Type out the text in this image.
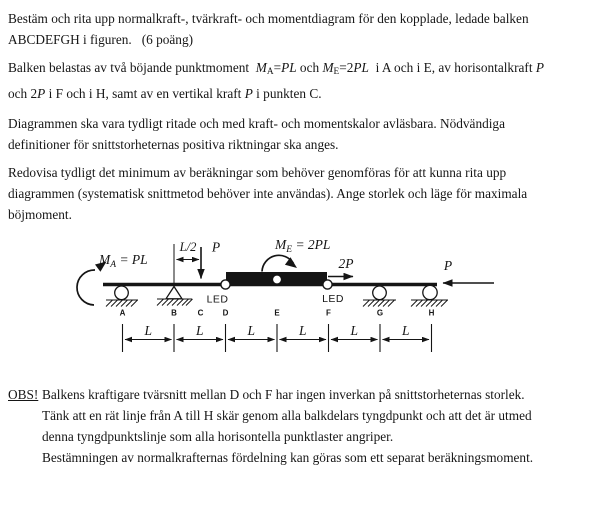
Bestäm och rita upp normalkraft-, tvärkraft- och momentdiagram för den kopplade, ledade balken
ABCDEFGH i figuren.   (6 poäng)
Balken belastas av två böjande punktmoment  MA=PL och ME=2PL  i A och i E, av horisontalkraft P
och 2P i F och i H, samt av en vertikal kraft P i punkten C.
Diagrammen ska vara tydligt ritade och med kraft- och momentskalor avläsbara. Nödvändiga
definitioner för snittstorheternas positiva riktningar ska anges.
Redovisa tydligt det minimum av beräkningar som behöver genomföras för att kunna rita upp
diagrammen (systematisk snittmetod behöver inte användas). Ange storlek och läge för maximala
böjmoment.
$M_A$ = PL
L/2 P	$M_E = 2PL$
2P	P
LED	LED
A	B	C D	E	F	G	H
L	L	L	L	L	L
OBS! Balkens kraftigare tvärsnitt mellan D och F har ingen inverkan på snittstorheternas storlek.
Tänk att en rät linje från A till H skär genom alla balkdelars tyngdpunkt och att det är utmed
denna tyngdpunktslinje som alla horisontella punktlaster angriper.
Bestämningen av normalkrafternas fördelning kan göras som ett separat beräkningsmoment.
